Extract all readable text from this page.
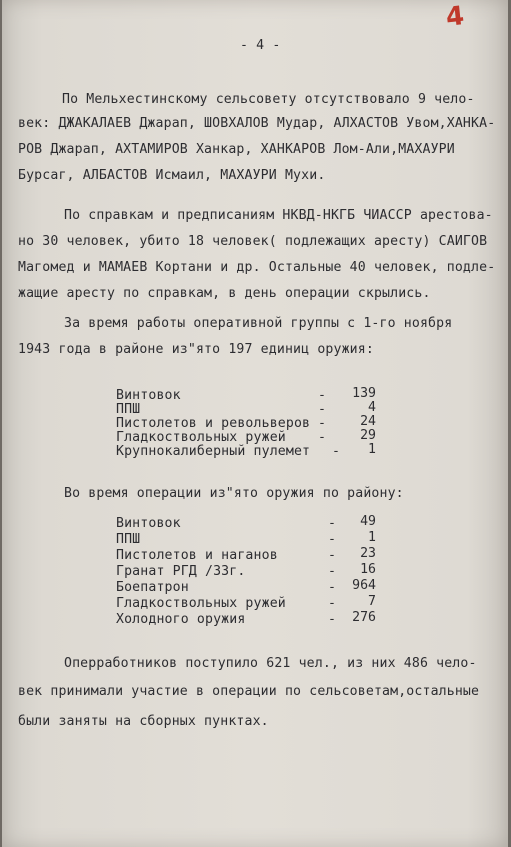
4
- 4 -
По Мельхестинскому сельсовету отсутствовало 9 чело-
век: ДЖАКАЛАЕВ Джарап, ШОВХАЛОВ Мудар, АЛХАСТОВ Увом,ХАНКА-
РОВ Джарап, АХТАМИРОВ Ханкар, ХАНКАРОВ Лом-Али,МАХАУРИ
Бурсаг, АЛБАСТОВ Исмаил, МАХАУРИ Мухи.
По справкам и предписаниям НКВД-НКГБ ЧИАССР арестова-
но 30 человек, убито 18 человек( подлежащих аресту) САИГОВ
Магомед и МАМАЕВ Кортани и др. Остальные 40 человек, подле-
жащие аресту по справкам, в день операции скрылись.
За время работы оперативной группы с 1-го ноября
1943 года в районе из"ято 197 единиц оружия:
Винтовок	-	139
ППШ	-	4
Пистолетов и револьверов -	24
Гладкоствольных ружей -	29
Крупнокалиберный пулемет -	1
Во время операции из"ято оружия по району:
Винтовок	-	49
ППШ	-	1
Пистолетов и наганов	-	23
Гранат РГД /33г.	-	16
Боепатрон	-	964
Гладкоствольных ружей	-	7
Холодного оружия	-	276
Оперработников поступило 621 чел., из них 486 чело-
век принимали участие в операции по сельсоветам,остальные
были заняты на сборных пунктах.
